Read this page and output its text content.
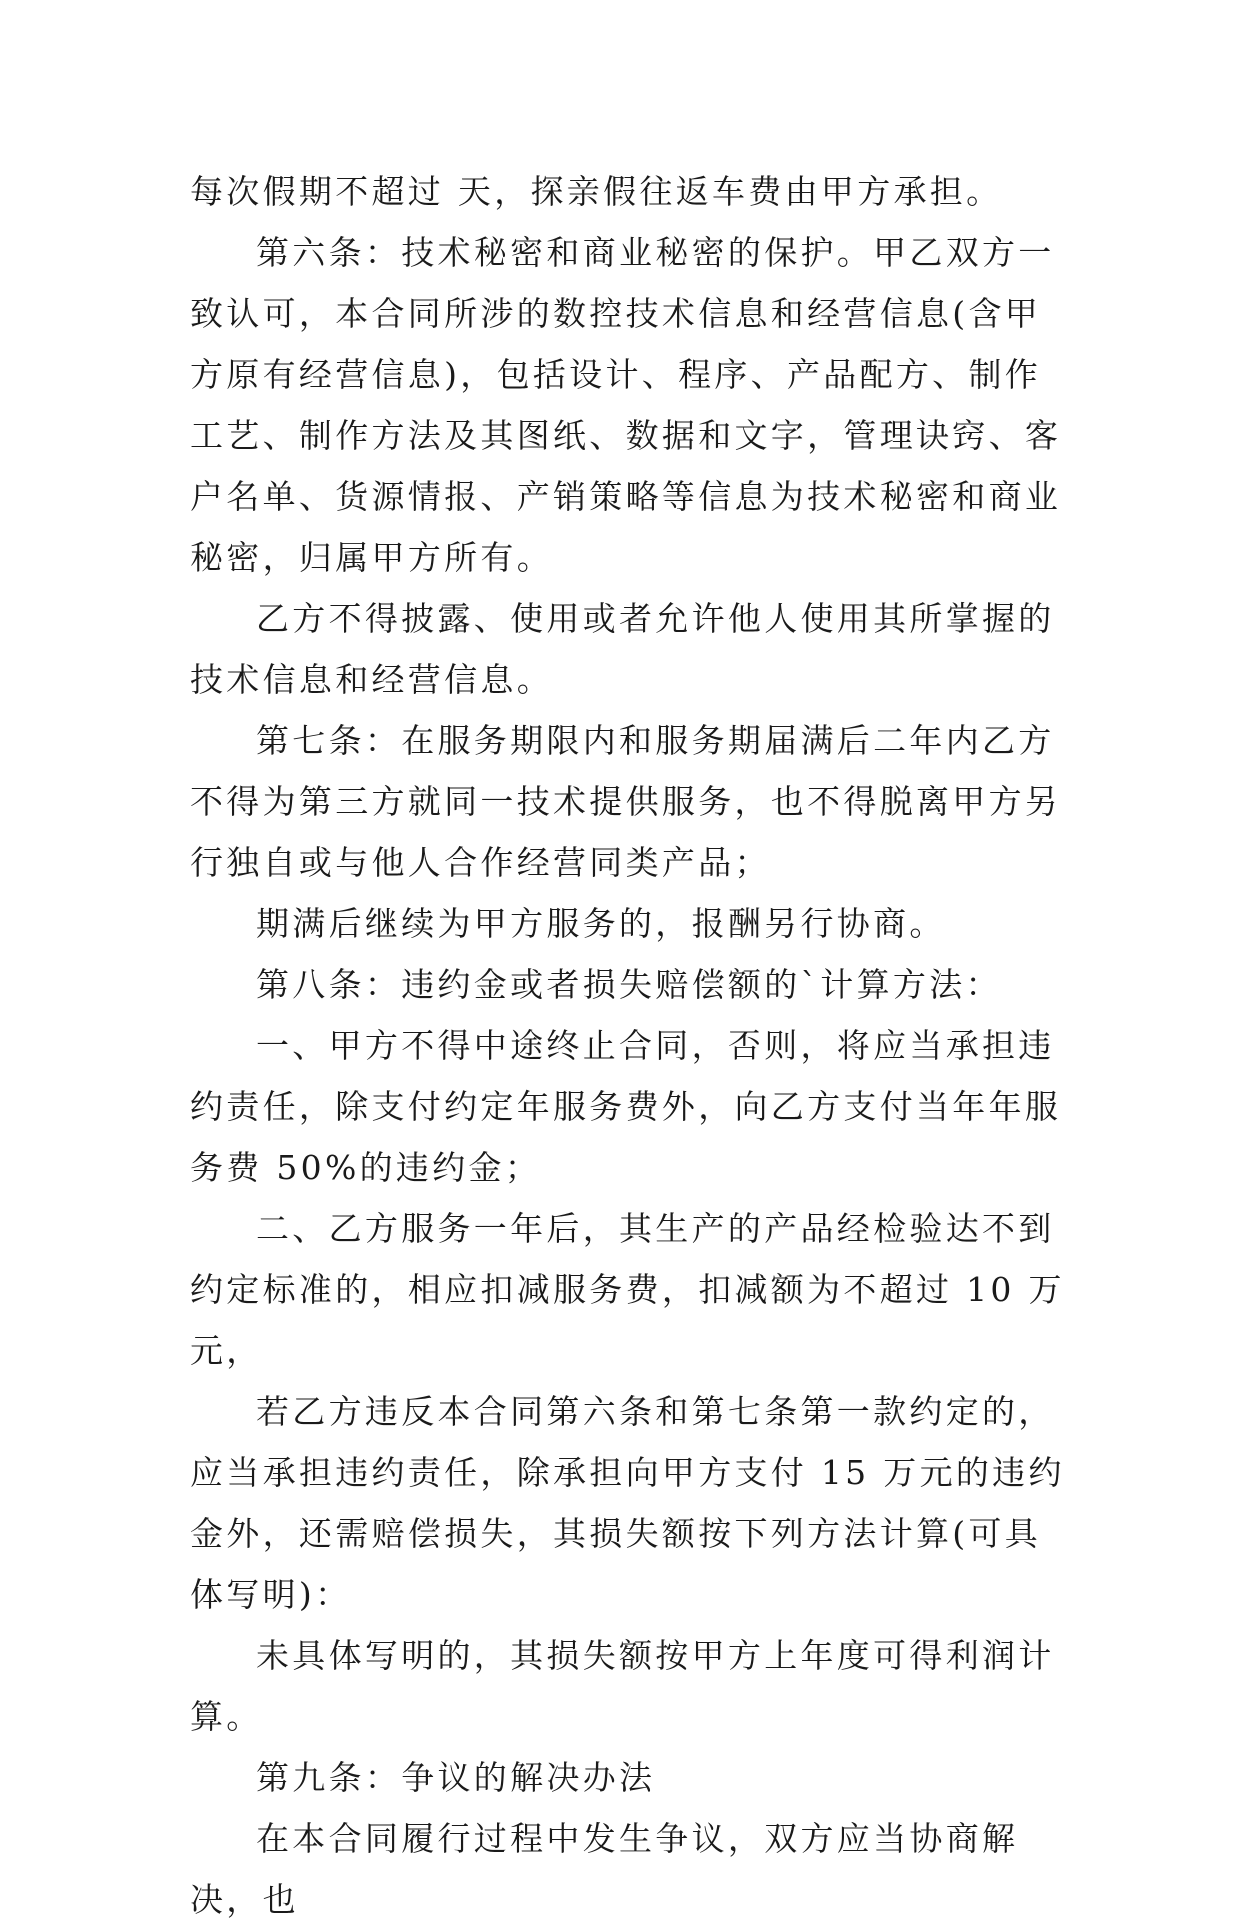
每次假期不超过 天，探亲假往返车费由甲方承担。

第六条：技术秘密和商业秘密的保护。甲乙双方一致认可，本合同所涉的数控技术信息和经营信息(含甲方原有经营信息)，包括设计、程序、产品配方、制作工艺、制作方法及其图纸、数据和文字，管理诀窍、客户名单、货源情报、产销策略等信息为技术秘密和商业秘密，归属甲方所有。

乙方不得披露、使用或者允许他人使用其所掌握的技术信息和经营信息。

第七条：在服务期限内和服务期届满后二年内乙方不得为第三方就同一技术提供服务，也不得脱离甲方另行独自或与他人合作经营同类产品；

期满后继续为甲方服务的，报酬另行协商。

第八条：违约金或者损失赔偿额的`计算方法：

一、甲方不得中途终止合同，否则，将应当承担违约责任，除支付约定年服务费外，向乙方支付当年年服务费 50%的违约金；

二、乙方服务一年后，其生产的产品经检验达不到约定标准的，相应扣减服务费，扣减额为不超过 10 万元，

若乙方违反本合同第六条和第七条第一款约定的，应当承担违约责任，除承担向甲方支付 15 万元的违约金外，还需赔偿损失，其损失额按下列方法计算(可具体写明)：

未具体写明的，其损失额按甲方上年度可得利润计算。

第九条：争议的解决办法

在本合同履行过程中发生争议，双方应当协商解决，也
